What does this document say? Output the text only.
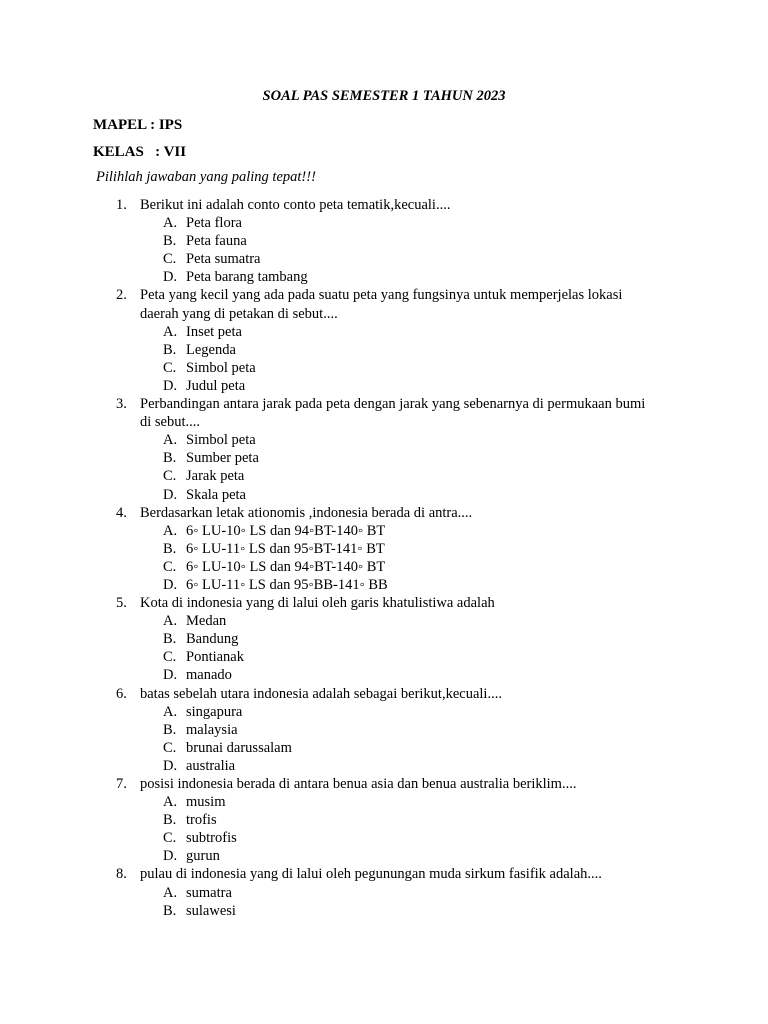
SOAL PAS SEMESTER 1 TAHUN 2023
MAPEL : IPS
KELAS   : VII
Pilihlah jawaban yang paling tepat!!!
1. Berikut ini adalah conto conto peta tematik,kecuali....
A. Peta flora
B. Peta fauna
C. Peta sumatra
D. Peta barang tambang
2. Peta yang kecil yang ada pada suatu peta yang fungsinya untuk memperjelas lokasi daerah yang di petakan di sebut....
A. Inset peta
B. Legenda
C. Simbol peta
D. Judul peta
3. Perbandingan antara jarak pada peta dengan jarak yang sebenarnya di permukaan bumi di sebut....
A. Simbol peta
B. Sumber peta
C. Jarak peta
D. Skala peta
4. Berdasarkan letak ationomis ,indonesia berada di antra....
A. 6◦ LU-10◦ LS dan 94◦BT-140◦ BT
B. 6◦ LU-11◦ LS dan 95◦BT-141◦ BT
C. 6◦ LU-10◦ LS dan 94◦BT-140◦ BT
D. 6◦ LU-11◦ LS dan 95◦BB-141◦ BB
5. Kota di indonesia yang di lalui oleh garis khatulistiwa adalah
A. Medan
B. Bandung
C. Pontianak
D. manado
6. batas sebelah utara indonesia adalah sebagai berikut,kecuali....
A. singapura
B. malaysia
C. brunai darussalam
D. australia
7. posisi indonesia berada di antara benua asia dan benua australia beriklim....
A. musim
B. trofis
C. subtrofis
D. gurun
8. pulau di indonesia yang di lalui oleh pegunungan muda sirkum fasifik adalah....
A. sumatra
B. sulawesi
